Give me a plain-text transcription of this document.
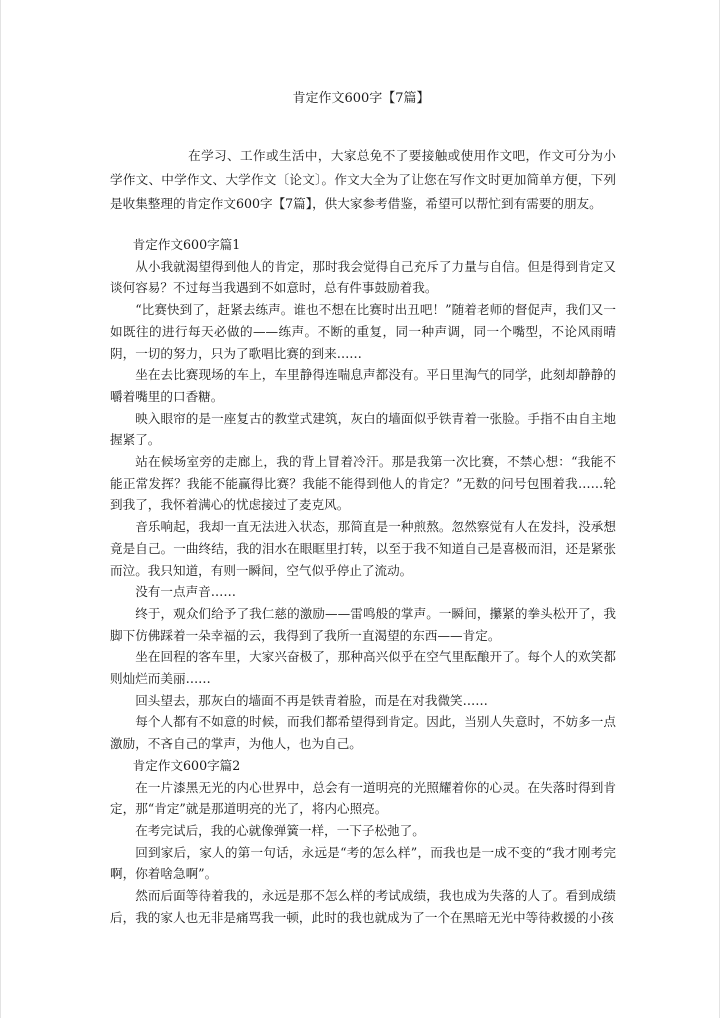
肯定作文600字【7篇】

在学习、工作或生活中，大家总免不了要接触或使用作文吧，作文可分为小学作文、中学作文、大学作文〔论文〕。作文大全为了让您在写作文时更加简单方便，下列是收集整理的肯定作文600字【7篇】，供大家参考借鉴，希望可以帮忙到有需要的朋友。

肯定作文600字篇1

从小我就渴望得到他人的肯定，那时我会觉得自己充斥了力量与自信。但是得到肯定又谈何容易？不过每当我遇到不如意时，总有件事鼓励着我。

“比赛快到了，赶紧去练声。谁也不想在比赛时出丑吧！”随着老师的督促声，我们又一如既往的进行每天必做的——练声。不断的重复，同一种声调，同一个嘴型，不论风雨晴阴，一切的努力，只为了歌唱比赛的到来……

坐在去比赛现场的车上，车里静得连喘息声都没有。平日里淘气的同学，此刻却静静的嚼着嘴里的口香糖。

映入眼帘的是一座复古的教堂式建筑，灰白的墙面似乎铁青着一张脸。手指不由自主地握紧了。

站在候场室旁的走廊上，我的背上冒着冷汗。那是我第一次比赛，不禁心想：“我能不能正常发挥？我能不能赢得比赛？我能不能得到他人的肯定？”无数的问号包围着我……轮到我了，我怀着满心的忧虑接过了麦克风。

音乐响起，我却一直无法进入状态，那简直是一种煎熬。忽然察觉有人在发抖，没承想竟是自己。一曲终结，我的泪水在眼眶里打转，以至于我不知道自己是喜极而泪，还是紧张而泣。我只知道，有则一瞬间，空气似乎停止了流动。

没有一点声音……

终于，观众们给予了我仁慈的激励——雷鸣般的掌声。一瞬间，攥紧的拳头松开了，我脚下仿佛踩着一朵幸福的云，我得到了我所一直渴望的东西——肯定。

坐在回程的客车里，大家兴奋极了，那种高兴似乎在空气里酝酿开了。每个人的欢笑都则灿烂而美丽……

回头望去，那灰白的墙面不再是铁青着脸，而是在对我微笑……

每个人都有不如意的时候，而我们都希望得到肯定。因此，当别人失意时，不妨多一点激励，不吝自己的掌声，为他人，也为自己。

肯定作文600字篇2

在一片漆黑无光的内心世界中，总会有一道明亮的光照耀着你的心灵。在失落时得到肯定，那“肯定”就是那道明亮的光了，将内心照亮。

在考完试后，我的心就像弹簧一样，一下子松弛了。

回到家后，家人的第一句话，永远是“考的怎么样”，而我也是一成不变的“我才刚考完啊，你着啥急啊”。

然而后面等待着我的，永远是那不怎么样的考试成绩，我也成为失落的人了。看到成绩后，我的家人也无非是痛骂我一顿，此时的我也就成为了一个在黑暗无光中等待救援的小孩
